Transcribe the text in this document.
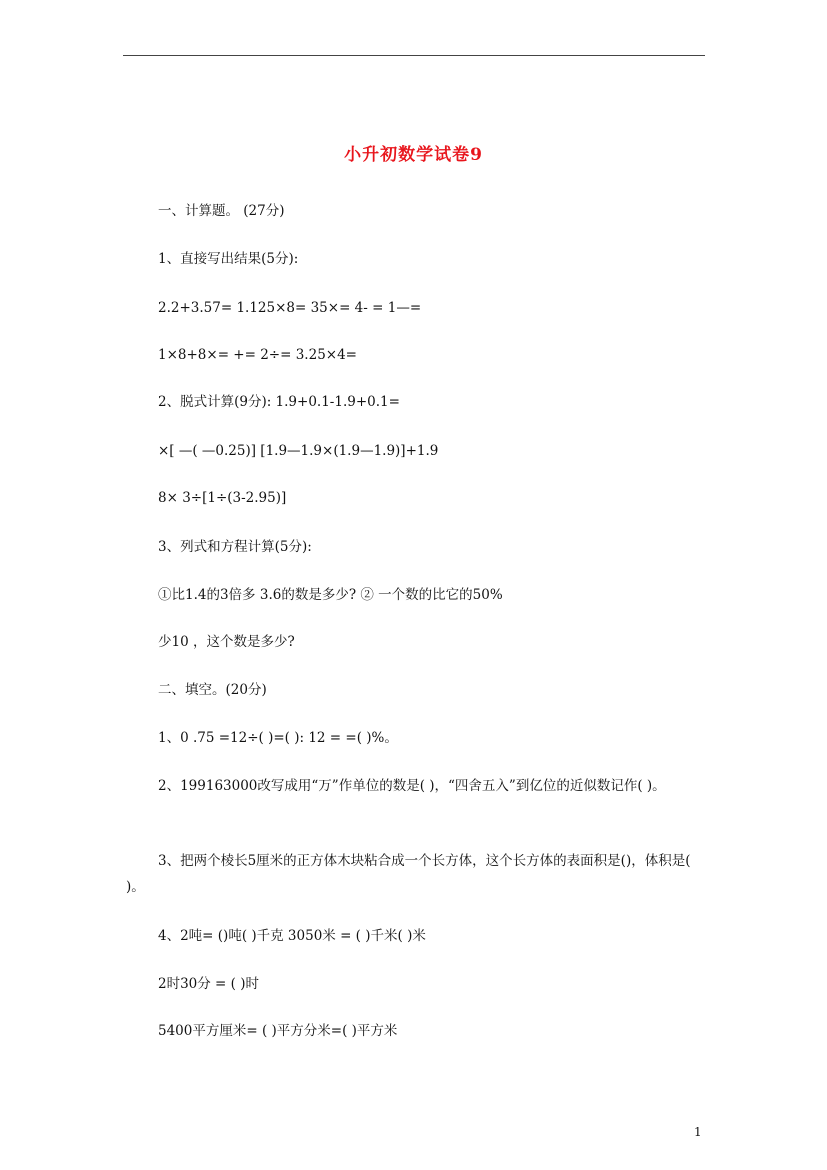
小升初数学试卷9
一、计算题。 (27分)
1、直接写出结果(5分):
2.2+3.57= 1.125×8= 35×= 4- = 1—=
1×8+8×= += 2÷= 3.25×4=
2、脱式计算(9分): 1.9+0.1-1.9+0.1=
×[ —( —0.25)] [1.9—1.9×(1.9—1.9)]+1.9
8× 3÷[1÷(3-2.95)]
3、列式和方程计算(5分):
①比1.4的3倍多 3.6的数是多少? ② 一个数的比它的50%
少10 ，这个数是多少?
二、填空。(20分)
1、0 .75 =12÷( )=( ): 12 = =( )%。
2、199163000改写成用“万”作单位的数是( )，“四舍五入”到亿位的近似数记作( )。
3、把两个棱长5厘米的正方体木块粘合成一个长方体，这个长方体的表面积是()，体积是( )。
4、2吨= ()吨( )千克 3050米 = ( )千米( )米
2时30分 = ( )时
5400平方厘米= ( )平方分米=( )平方米
1
